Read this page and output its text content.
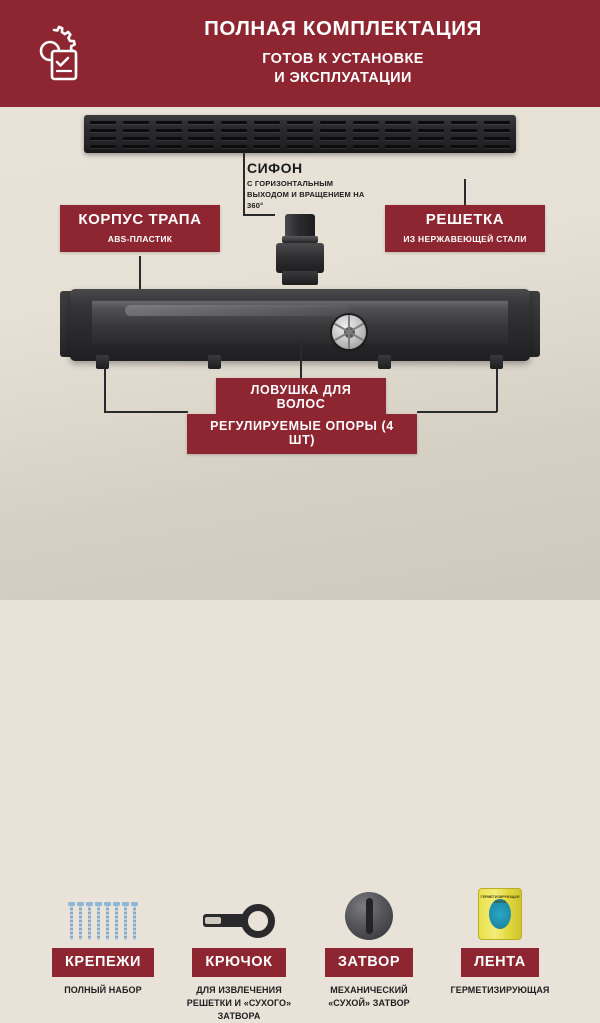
ПОЛНАЯ КОМПЛЕКТАЦИЯ
ГОТОВ К УСТАНОВКЕ
И ЭКСПЛУАТАЦИИ
СИФОН
С ГОРИЗОНТАЛЬНЫМ ВЫХОДОМ И ВРАЩЕНИЕМ НА 360°
КОРПУС ТРАПА
ABS-ПЛАСТИК
РЕШЕТКА
ИЗ НЕРЖАВЕЮЩЕЙ СТАЛИ
ЛОВУШКА ДЛЯ ВОЛОС
РЕГУЛИРУЕМЫЕ ОПОРЫ (4 ШТ)
КРЕПЕЖИ
ПОЛНЫЙ НАБОР
КРЮЧОК
ДЛЯ ИЗВЛЕЧЕНИЯ РЕШЕТКИ И «СУХОГО» ЗАТВОРА
ЗАТВОР
МЕХАНИЧЕСКИЙ «СУХОЙ» ЗАТВОР
ГЕРМЕТИЗИРУЮЩАЯ ЛЕНТА
ЛЕНТА
ГЕРМЕТИЗИРУЮЩАЯ
